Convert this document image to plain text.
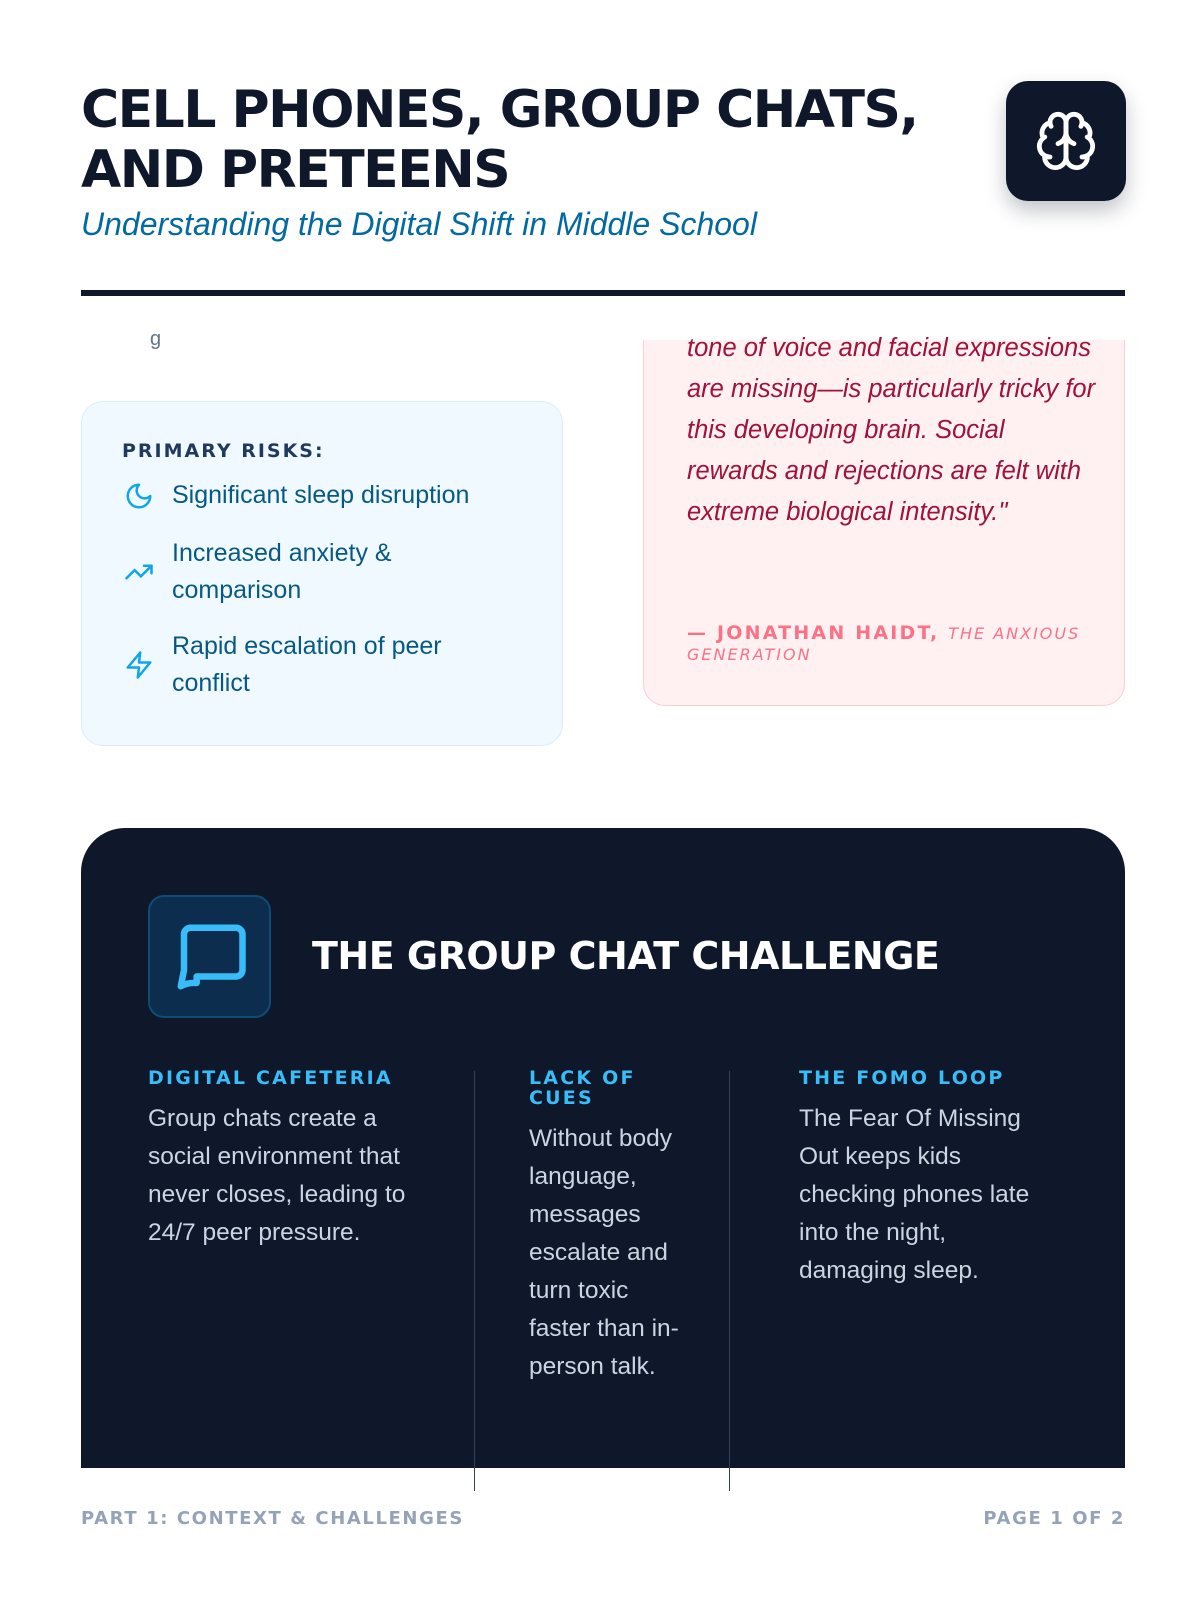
CELL PHONES, GROUP CHATS, AND PRETEENS
Understanding the Digital Shift in Middle School
g
PRIMARY RISKS:
Significant sleep disruption
Increased anxiety & comparison
Rapid escalation of peer conflict

tone of voice and facial expressions are missing—is particularly tricky for this developing brain. Social rewards and rejections are felt with extreme biological intensity."

— JONATHAN HAIDT, THE ANXIOUS GENERATION
THE GROUP CHAT CHALLENGE
DIGITAL CAFETERIA
Group chats create a social environment that never closes, leading to 24/7 peer pressure.
LACK OF CUES
Without body language, messages escalate and turn toxic faster than in-person talk.
THE FOMO LOOP
The Fear Of Missing Out keeps kids checking phones late into the night, damaging sleep.
PART 1: CONTEXT & CHALLENGES	PAGE 1 OF 2
